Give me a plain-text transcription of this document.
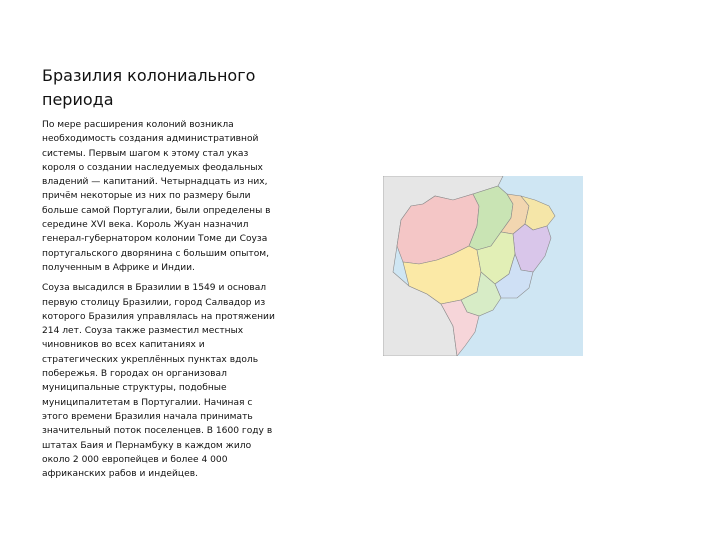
Бразилия колониального
периода

По мере расширения колоний возникла необходимость создания административной системы. Первым шагом к этому стал указ короля о создании наследуемых феодальных владений — капитаний. Четырнадцать из них, причём некоторые из них по размеру были больше самой Португалии, были определены в середине XVI века. Король Жуан назначил генерал-губернатором колонии Томе ди Соуза португальского дворянина с большим опытом, полученным в Африке и Индии.

Соуза высадился в Бразилии в 1549 и основал первую столицу Бразилии, город Салвадор из которого Бразилия управлялась на протяжении 214 лет. Соуза также разместил местных чиновников во всех капитаниях и стратегических укреплённых пунктах вдоль побережья. В городах он организовал муниципальные структуры, подобные муниципалитетам в Португалии. Начиная с этого времени Бразилия начала принимать значительный поток поселенцев. В 1600 году в штатах Баия и Пернамбуку в каждом жило около 2 000 европейцев и более 4 000 африканских рабов и индейцев.
